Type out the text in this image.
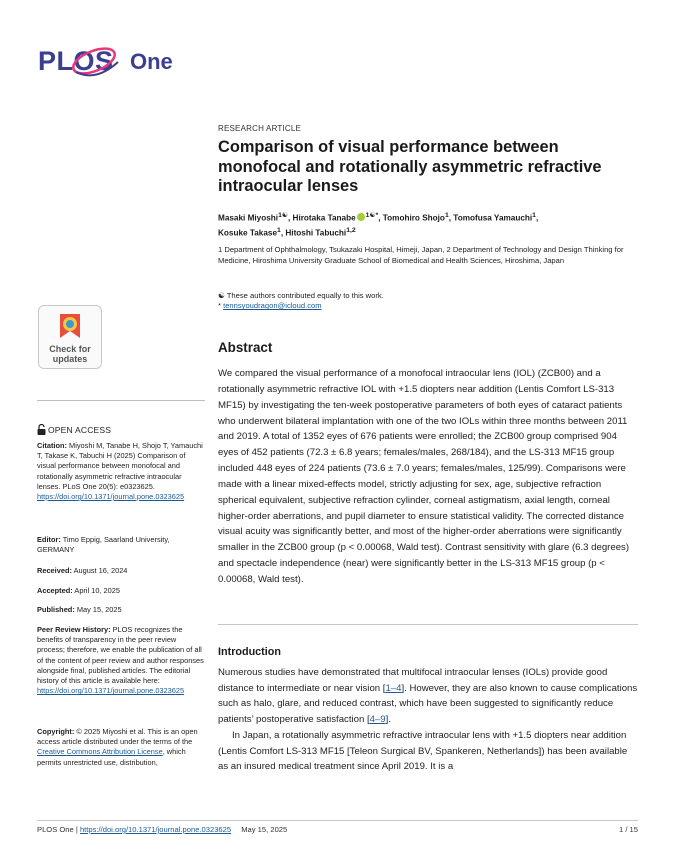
PLOS One
Check for
updates
OPEN ACCESS
Citation: Miyoshi M, Tanabe H, Shojo T, Yamauchi T, Takase K, Tabuchi H (2025) Comparison of visual performance between monofocal and rotationally asymmetric refractive intraocular lenses. PLoS One 20(5): e0323625. https://doi.org/10.1371/journal.pone.0323625
Editor: Timo Eppig, Saarland University, GERMANY
Received: August 16, 2024
Accepted: April 10, 2025
Published: May 15, 2025
Peer Review History: PLOS recognizes the benefits of transparency in the peer review process; therefore, we enable the publication of all of the content of peer review and author responses alongside final, published articles. The editorial history of this article is available here: https://doi.org/10.1371/journal.pone.0323625
Copyright: © 2025 Miyoshi et al. This is an open access article distributed under the terms of the Creative Commons Attribution License, which permits unrestricted use, distribution,
RESEARCH ARTICLE
Comparison of visual performance between monofocal and rotationally asymmetric refractive intraocular lenses
Masaki Miyoshi$^{1☯}$, Hirotaka Tanabe $^{1☯*}$, Tomohiro Shojo$^1$, Tomofusa Yamauchi$^1$,
Kosuke Takase$^1$, Hitoshi Tabuchi$^{1,2}$
1 Department of Ophthalmology, Tsukazaki Hospital, Himeji, Japan, 2 Department of Technology and Design Thinking for Medicine, Hiroshima University Graduate School of Biomedical and Health Sciences, Hiroshima, Japan
☯ These authors contributed equally to this work.
* tennsyoudragon@icloud.com
Abstract
We compared the visual performance of a monofocal intraocular lens (IOL) (ZCB00) and a rotationally asymmetric refractive IOL with +1.5 diopters near addition (Lentis Comfort LS-313 MF15) by investigating the ten-week postoperative parameters of both eyes of cataract patients who underwent bilateral implantation with one of the two IOLs within three months between 2011 and 2019. A total of 1352 eyes of 676 patients were enrolled; the ZCB00 group comprised 904 eyes of 452 patients (72.3 ± 6.8 years; females/males, 268/184), and the LS-313 MF15 group included 448 eyes of 224 patients (73.6 ± 7.0 years; females/males, 125/99). Comparisons were made with a linear mixed-effects model, strictly adjusting for sex, age, subjective refraction spherical equivalent, subjective refraction cylinder, corneal astigmatism, axial length, corneal higher-order aberrations, and pupil diameter to ensure statistical validity. The corrected distance visual acuity was significantly better, and most of the higher-order aberrations were significantly smaller in the ZCB00 group (p < 0.00068, Wald test). Contrast sensitivity with glare (6.3 degrees) and spectacle independence (near) were significantly better in the LS-313 MF15 group (p < 0.00068, Wald test).
Introduction
Numerous studies have demonstrated that multifocal intraocular lenses (IOLs) provide good distance to intermediate or near vision [1–4]. However, they are also known to cause complications such as halo, glare, and reduced contrast, which have been suggested to significantly reduce patients’ postoperative satisfaction [4–9].
In Japan, a rotationally asymmetric refractive intraocular lens with +1.5 diopters near addition (Lentis Comfort LS-313 MF15 [Teleon Surgical BV, Spankeren, Netherlands]) has been available as an insured medical treatment since April 2019. It is a
PLOS One | https://doi.org/10.1371/journal.pone.0323625 May 15, 2025	1 / 15
